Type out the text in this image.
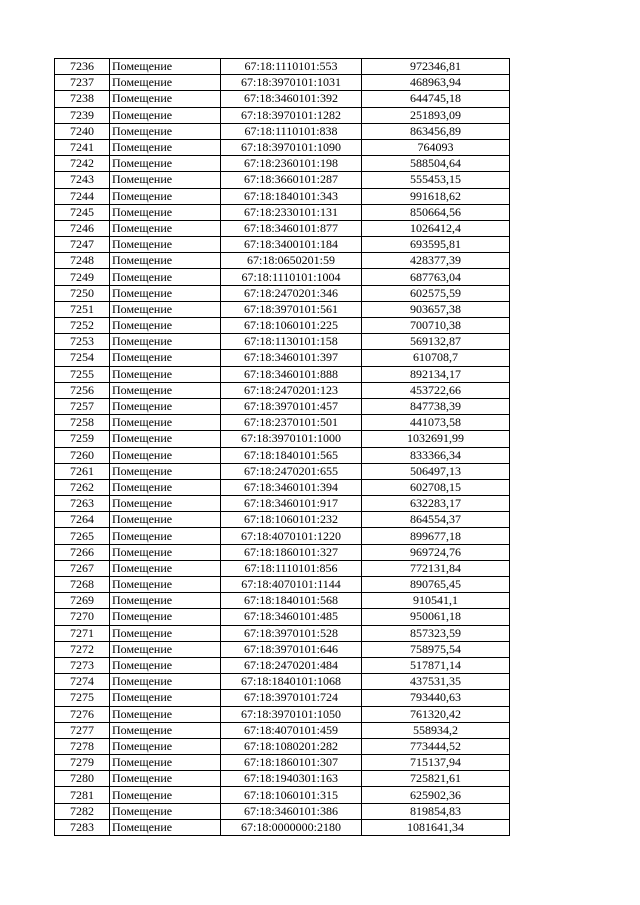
7236	Помещение	67:18:1110101:553	972346,81
7237	Помещение	67:18:3970101:1031	468963,94
7238	Помещение	67:18:3460101:392	644745,18
7239	Помещение	67:18:3970101:1282	251893,09
7240	Помещение	67:18:1110101:838	863456,89
7241	Помещение	67:18:3970101:1090	764093
7242	Помещение	67:18:2360101:198	588504,64
7243	Помещение	67:18:3660101:287	555453,15
7244	Помещение	67:18:1840101:343	991618,62
7245	Помещение	67:18:2330101:131	850664,56
7246	Помещение	67:18:3460101:877	1026412,4
7247	Помещение	67:18:3400101:184	693595,81
7248	Помещение	67:18:0650201:59	428377,39
7249	Помещение	67:18:1110101:1004	687763,04
7250	Помещение	67:18:2470201:346	602575,59
7251	Помещение	67:18:3970101:561	903657,38
7252	Помещение	67:18:1060101:225	700710,38
7253	Помещение	67:18:1130101:158	569132,87
7254	Помещение	67:18:3460101:397	610708,7
7255	Помещение	67:18:3460101:888	892134,17
7256	Помещение	67:18:2470201:123	453722,66
7257	Помещение	67:18:3970101:457	847738,39
7258	Помещение	67:18:2370101:501	441073,58
7259	Помещение	67:18:3970101:1000	1032691,99
7260	Помещение	67:18:1840101:565	833366,34
7261	Помещение	67:18:2470201:655	506497,13
7262	Помещение	67:18:3460101:394	602708,15
7263	Помещение	67:18:3460101:917	632283,17
7264	Помещение	67:18:1060101:232	864554,37
7265	Помещение	67:18:4070101:1220	899677,18
7266	Помещение	67:18:1860101:327	969724,76
7267	Помещение	67:18:1110101:856	772131,84
7268	Помещение	67:18:4070101:1144	890765,45
7269	Помещение	67:18:1840101:568	910541,1
7270	Помещение	67:18:3460101:485	950061,18
7271	Помещение	67:18:3970101:528	857323,59
7272	Помещение	67:18:3970101:646	758975,54
7273	Помещение	67:18:2470201:484	517871,14
7274	Помещение	67:18:1840101:1068	437531,35
7275	Помещение	67:18:3970101:724	793440,63
7276	Помещение	67:18:3970101:1050	761320,42
7277	Помещение	67:18:4070101:459	558934,2
7278	Помещение	67:18:1080201:282	773444,52
7279	Помещение	67:18:1860101:307	715137,94
7280	Помещение	67:18:1940301:163	725821,61
7281	Помещение	67:18:1060101:315	625902,36
7282	Помещение	67:18:3460101:386	819854,83
7283	Помещение	67:18:0000000:2180	1081641,34
